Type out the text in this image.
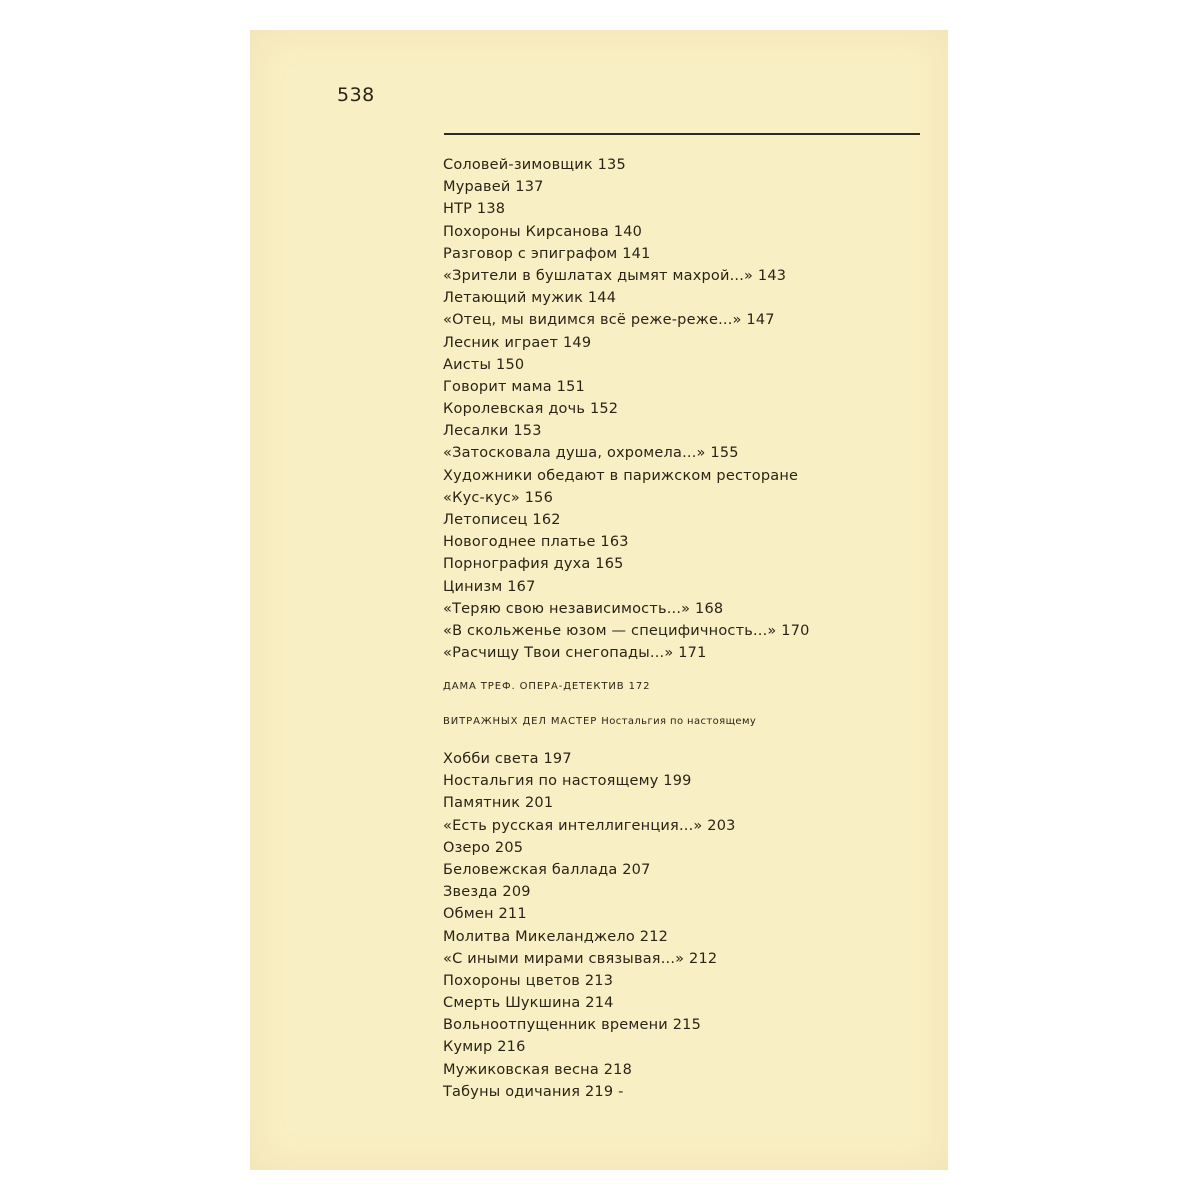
538
Соловей-зимовщик 135
Муравей 137
НТР 138
Похороны Кирсанова 140
Разговор с эпиграфом 141
«Зрители в бушлатах дымят махрой...» 143
Летающий мужик 144
«Отец, мы видимся всё реже-реже...» 147
Лесник играет 149
Аисты 150
Говорит мама 151
Королевская дочь 152
Лесалки 153
«Затосковала душа, охромела...» 155
Художники обедают в парижском ресторане
«Кус-кус» 156
Летописец 162
Новогоднее платье 163
Порнография духа 165
Цинизм 167
«Теряю свою независимость...» 168
«В скольженье юзом — специфичность...» 170
«Расчищу Твои снегопады...» 171
ДАМА ТРЕФ. ОПЕРА-ДЕТЕКТИВ 172
ВИТРАЖНЫХ ДЕЛ МАСТЕР Ностальгия по настоящему
Хобби света 197
Ностальгия по настоящему 199
Памятник 201
«Есть русская интеллигенция...» 203
Озеро 205
Беловежская баллада 207
Звезда 209
Обмен 211
Молитва Микеланджело 212
«С иными мирами связывая...» 212
Похороны цветов 213
Смерть Шукшина 214
Вольноотпущенник времени 215
Кумир 216
Мужиковская весна 218
Табуны одичания 219 -
